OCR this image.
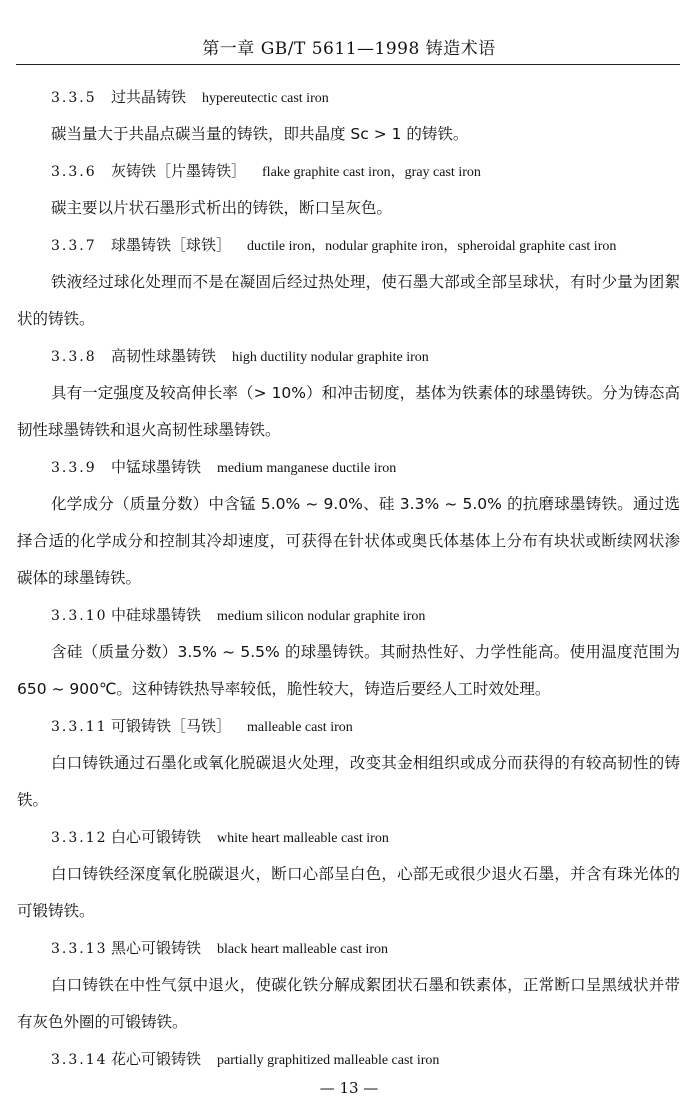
第一章 GB/T 5611—1998 铸造术语
3.3.5 过共晶铸铁 hypereutectic cast iron

碳当量大于共晶点碳当量的铸铁，即共晶度 Sc > 1 的铸铁。

3.3.6 灰铸铁［片墨铸铁］ flake graphite cast iron，gray cast iron

碳主要以片状石墨形式析出的铸铁，断口呈灰色。

3.3.7 球墨铸铁［球铁］ ductile iron，nodular graphite iron，spheroidal graphite cast iron

铁液经过球化处理而不是在凝固后经过热处理，使石墨大部或全部呈球状，有时少量为团絮状的铸铁。

3.3.8 高韧性球墨铸铁 high ductility nodular graphite iron

具有一定强度及较高伸长率（> 10%）和冲击韧度，基体为铁素体的球墨铸铁。分为铸态高韧性球墨铸铁和退火高韧性球墨铸铁。

3.3.9 中锰球墨铸铁 medium manganese ductile iron

化学成分（质量分数）中含锰 5.0% ~ 9.0%、硅 3.3% ~ 5.0% 的抗磨球墨铸铁。通过选择合适的化学成分和控制其冷却速度，可获得在针状体或奥氏体基体上分布有块状或断续网状渗碳体的球墨铸铁。

3.3.10 中硅球墨铸铁 medium silicon nodular graphite iron

含硅（质量分数）3.5% ~ 5.5% 的球墨铸铁。其耐热性好、力学性能高。使用温度范围为 650 ~ 900℃。这种铸铁热导率较低，脆性较大，铸造后要经人工时效处理。

3.3.11 可锻铸铁［马铁］ malleable cast iron

白口铸铁通过石墨化或氧化脱碳退火处理，改变其金相组织或成分而获得的有较高韧性的铸铁。

3.3.12 白心可锻铸铁 white heart malleable cast iron

白口铸铁经深度氧化脱碳退火，断口心部呈白色，心部无或很少退火石墨，并含有珠光体的可锻铸铁。

3.3.13 黑心可锻铸铁 black heart malleable cast iron

白口铸铁在中性气氛中退火，使碳化铁分解成絮团状石墨和铁素体，正常断口呈黑绒状并带有灰色外圈的可锻铸铁。

3.3.14 花心可锻铸铁 partially graphitized malleable cast iron
— 13 —
